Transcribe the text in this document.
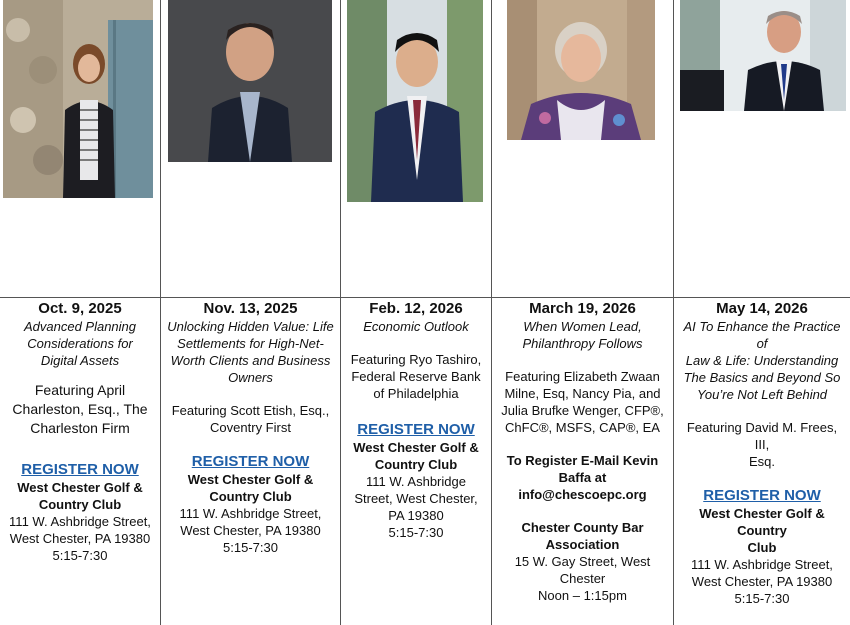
Oct. 9, 2025

Advanced Planning
Considerations for
Digital Assets

Featuring April
Charleston, Esq., The
Charleston Firm

REGISTER NOW

West Chester Golf &
Country Club

111 W. Ashbridge Street,
West Chester, PA 19380

5:15-7:30

Nov. 13, 2025

Unlocking Hidden Value: Life
Settlements for High-Net-
Worth Clients and Business
Owners

Featuring Scott Etish, Esq.,
Coventry First

REGISTER NOW

West Chester Golf &
Country Club

111 W. Ashbridge Street,
West Chester, PA 19380

5:15-7:30

Feb. 12, 2026

Economic Outlook

Featuring Ryo Tashiro,
Federal Reserve Bank
of Philadelphia

REGISTER NOW

West Chester Golf &
Country Club

111 W. Ashbridge
Street, West Chester,
PA 19380

5:15-7:30

March 19, 2026

When Women Lead,
Philanthropy Follows

Featuring Elizabeth Zwaan
Milne, Esq, Nancy Pia, and
Julia Brufke Wenger, CFP®,
ChFC®, MSFS, CAP®, EA

To Register E-Mail Kevin
Baffa at info@chescoepc.org

Chester County Bar
Association

15 W. Gay Street, West
Chester

Noon – 1:15pm

May 14, 2026

AI To Enhance the Practice of
Law & Life: Understanding
The Basics and Beyond So
You’re Not Left Behind

Featuring David M. Frees, III,
Esq.

REGISTER NOW

West Chester Golf & Country
Club

111 W. Ashbridge Street,
West Chester, PA 19380

5:15-7:30
